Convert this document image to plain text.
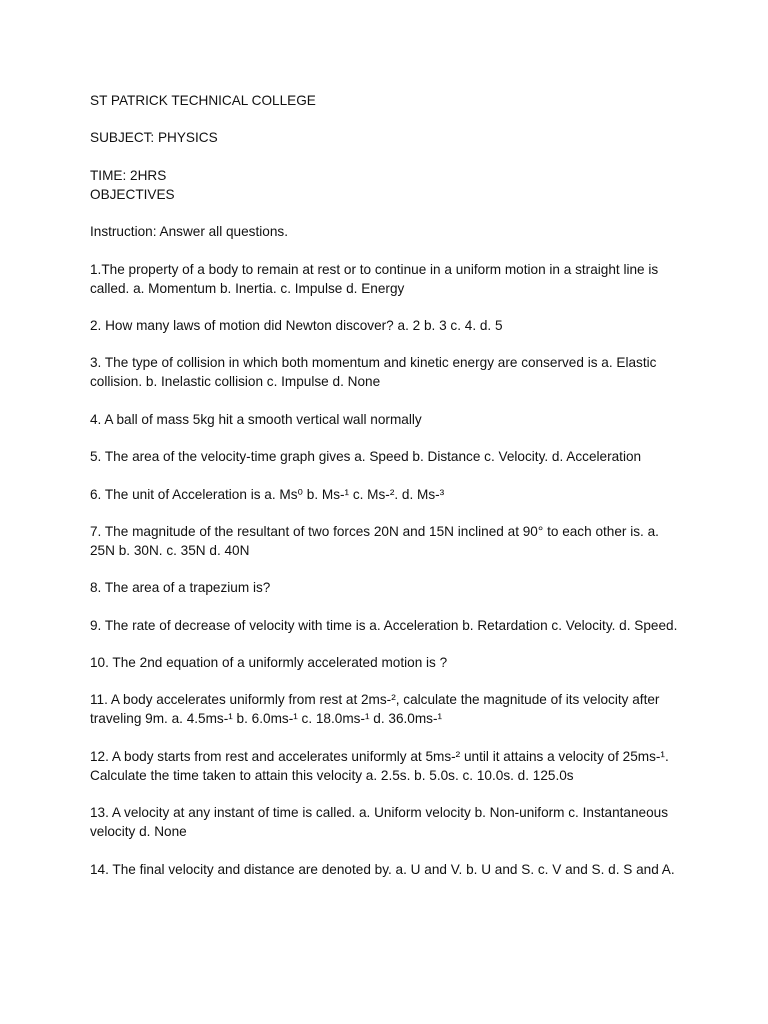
ST PATRICK TECHNICAL COLLEGE

SUBJECT: PHYSICS

TIME: 2HRS

OBJECTIVES

Instruction: Answer all questions.

1.The property of a body to remain at rest or to continue in a uniform motion in a straight line is called. a. Momentum b. Inertia. c. Impulse d. Energy

2. How many laws of motion did Newton discover? a. 2 b. 3 c. 4. d. 5

3. The type of collision in which both momentum and kinetic energy are conserved is a. Elastic collision. b. Inelastic collision c. Impulse d. None

4. A ball of mass 5kg hit a smooth vertical wall normally

5. The area of the velocity-time graph gives a. Speed b. Distance c. Velocity. d. Acceleration

6. The unit of Acceleration is a. Ms⁰ b. Ms-¹ c. Ms-². d. Ms-³

7. The magnitude of the resultant of two forces 20N and 15N inclined at 90° to each other is. a. 25N b. 30N. c. 35N d. 40N

8. The area of a trapezium is?

9. The rate of decrease of velocity with time is a. Acceleration b. Retardation c. Velocity. d. Speed.

10. The 2nd equation of a uniformly accelerated motion is ?

11. A body accelerates uniformly from rest at 2ms-², calculate the magnitude of its velocity after traveling 9m. a. 4.5ms-¹ b. 6.0ms-¹ c. 18.0ms-¹ d. 36.0ms-¹

12. A body starts from rest and accelerates uniformly at 5ms-² until it attains a velocity of 25ms-¹. Calculate the time taken to attain this velocity a. 2.5s. b. 5.0s. c. 10.0s. d. 125.0s

13. A velocity at any instant of time is called. a. Uniform velocity b. Non-uniform c. Instantaneous velocity d. None

14. The final velocity and distance are denoted by. a. U and V. b. U and S. c. V and S. d. S and A.
